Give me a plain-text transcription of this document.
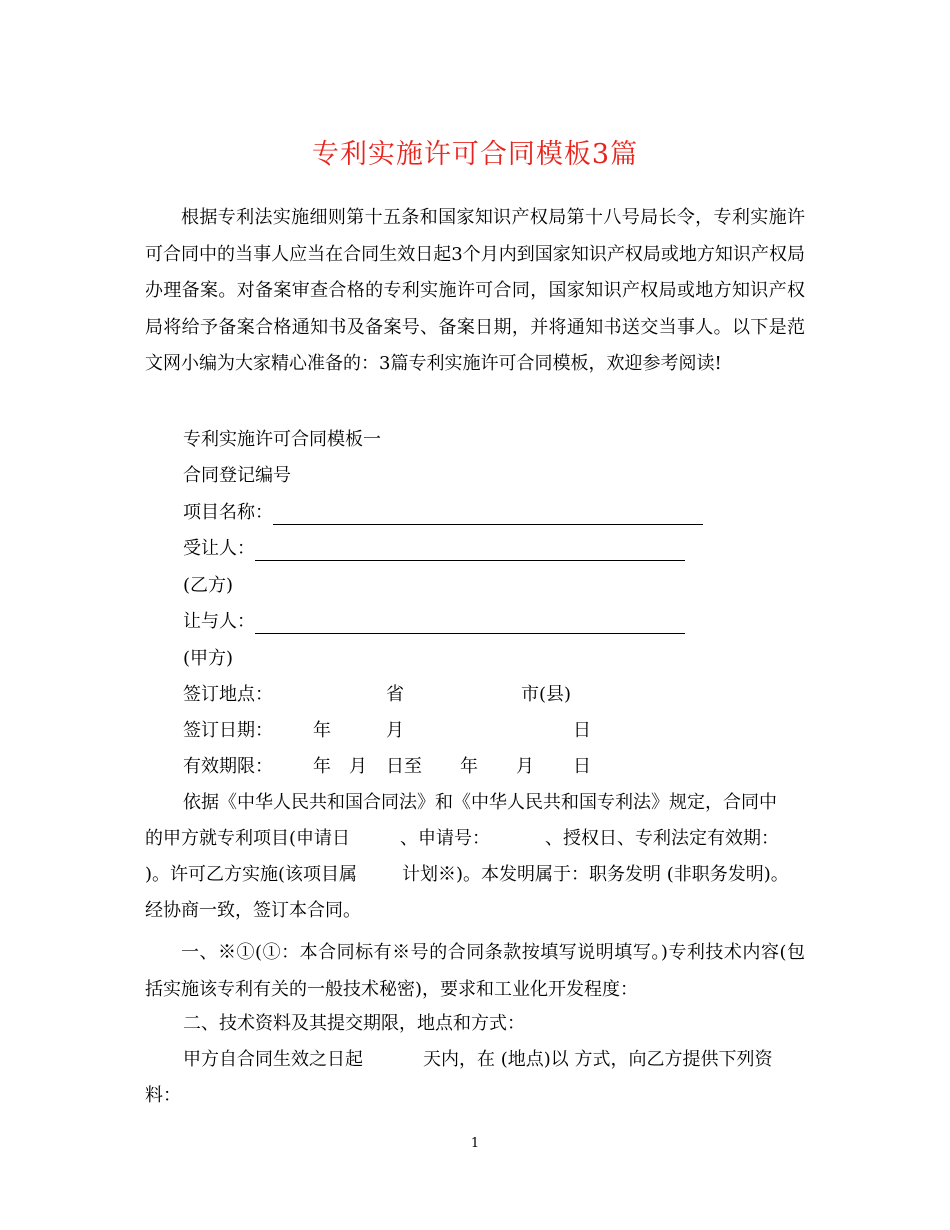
专利实施许可合同模板3篇

根据专利法实施细则第十五条和国家知识产权局第十八号局长令，专利实施许可合同中的当事人应当在合同生效日起3个月内到国家知识产权局或地方知识产权局办理备案。对备案审查合格的专利实施许可合同，国家知识产权局或地方知识产权局将给予备案合格通知书及备案号、备案日期，并将通知书送交当事人。以下是范文网小编为大家精心准备的：3篇专利实施许可合同模板，欢迎参考阅读!

专利实施许可合同模板一
合同登记编号
项目名称：
受让人：
(乙方)
让与人：
(甲方)
签订地点：	省	市(县)
签订日期： 年	月	日
有效期限： 年 月 日至 年 月 日
依据《中华人民共和国合同法》和《中华人民共和国专利法》规定，合同中
的甲方就专利项目(申请日	、申请号：	、授权日、专利法定有效期：
)。许可乙方实施(该项目属 计划※)。本发明属于：职务发明 (非职务发明)。
经协商一致，签订本合同。

一、※①(①：本合同标有※号的合同条款按填写说明填写。)专利技术内容(包括实施该专利有关的一般技术秘密)，要求和工业化开发程度：

二、技术资料及其提交期限，地点和方式：
甲方自合同生效之日起	天内，在 (地点)以 方式，向乙方提供下列资
料：
1
